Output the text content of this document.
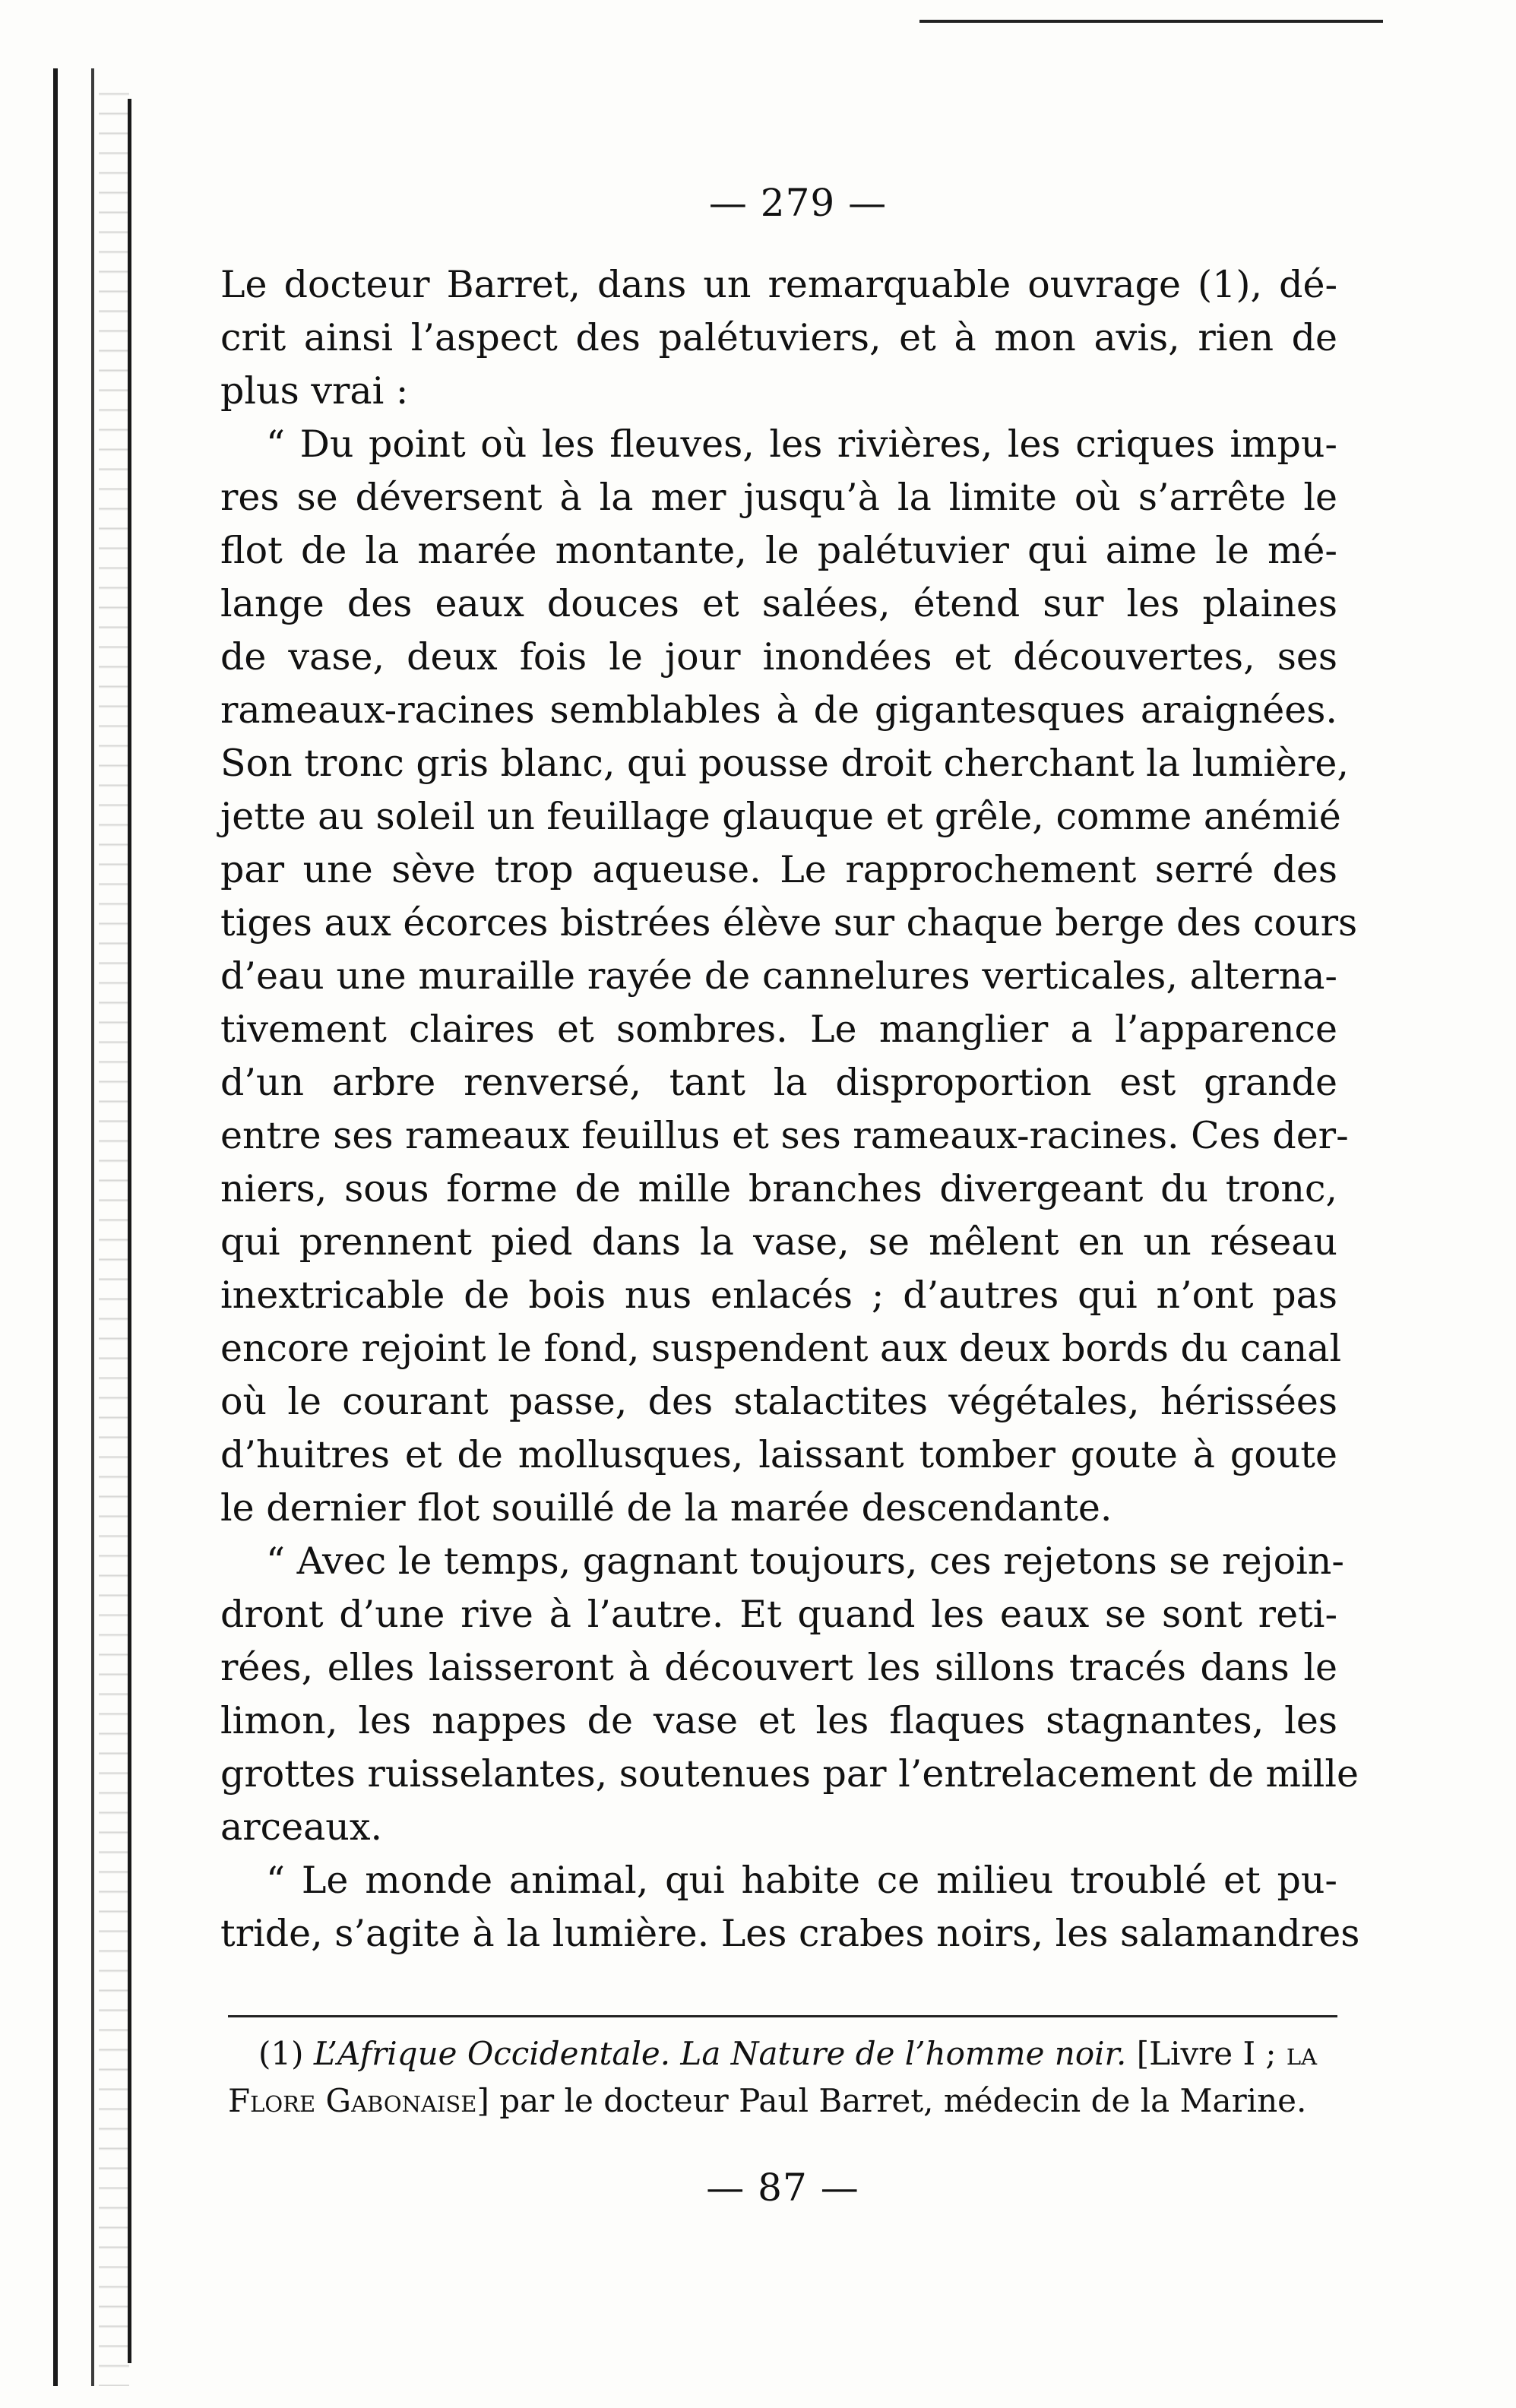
— 279 —
Le docteur Barret, dans un remarquable ouvrage (1), dé-
crit ainsi l’aspect des palétuviers, et à mon avis, rien de
plus vrai :
“ Du point où les fleuves, les rivières, les criques impu-
res se déversent à la mer jusqu’à la limite où s’arrête le
flot de la marée montante, le palétuvier qui aime le mé-
lange des eaux douces et salées, étend sur les plaines
de vase, deux fois le jour inondées et découvertes, ses
rameaux-racines semblables à de gigantesques araignées.
Son tronc gris blanc, qui pousse droit cherchant la lumière,
jette au soleil un feuillage glauque et grêle, comme anémié
par une sève trop aqueuse. Le rapprochement serré des
tiges aux écorces bistrées élève sur chaque berge des cours
d’eau une muraille rayée de cannelures verticales, alterna-
tivement claires et sombres. Le manglier a l’apparence
d’un arbre renversé, tant la disproportion est grande
entre ses rameaux feuillus et ses rameaux-racines. Ces der-
niers, sous forme de mille branches divergeant du tronc,
qui prennent pied dans la vase, se mêlent en un réseau
inextricable de bois nus enlacés ; d’autres qui n’ont pas
encore rejoint le fond, suspendent aux deux bords du canal
où le courant passe, des stalactites végétales, hérissées
d’huitres et de mollusques, laissant tomber goute à goute
le dernier flot souillé de la marée descendante.
“ Avec le temps, gagnant toujours, ces rejetons se rejoin-
dront d’une rive à l’autre. Et quand les eaux se sont reti-
rées, elles laisseront à découvert les sillons tracés dans le
limon, les nappes de vase et les flaques stagnantes, les
grottes ruisselantes, soutenues par l’entrelacement de mille
arceaux.
“ Le monde animal, qui habite ce milieu troublé et pu-
tride, s’agite à la lumière. Les crabes noirs, les salamandres
(1) L’Afrique Occidentale. La Nature de l’homme noir. [Livre I ; la
Flore Gabonaise] par le docteur Paul Barret, médecin de la Marine.
— 87 —
